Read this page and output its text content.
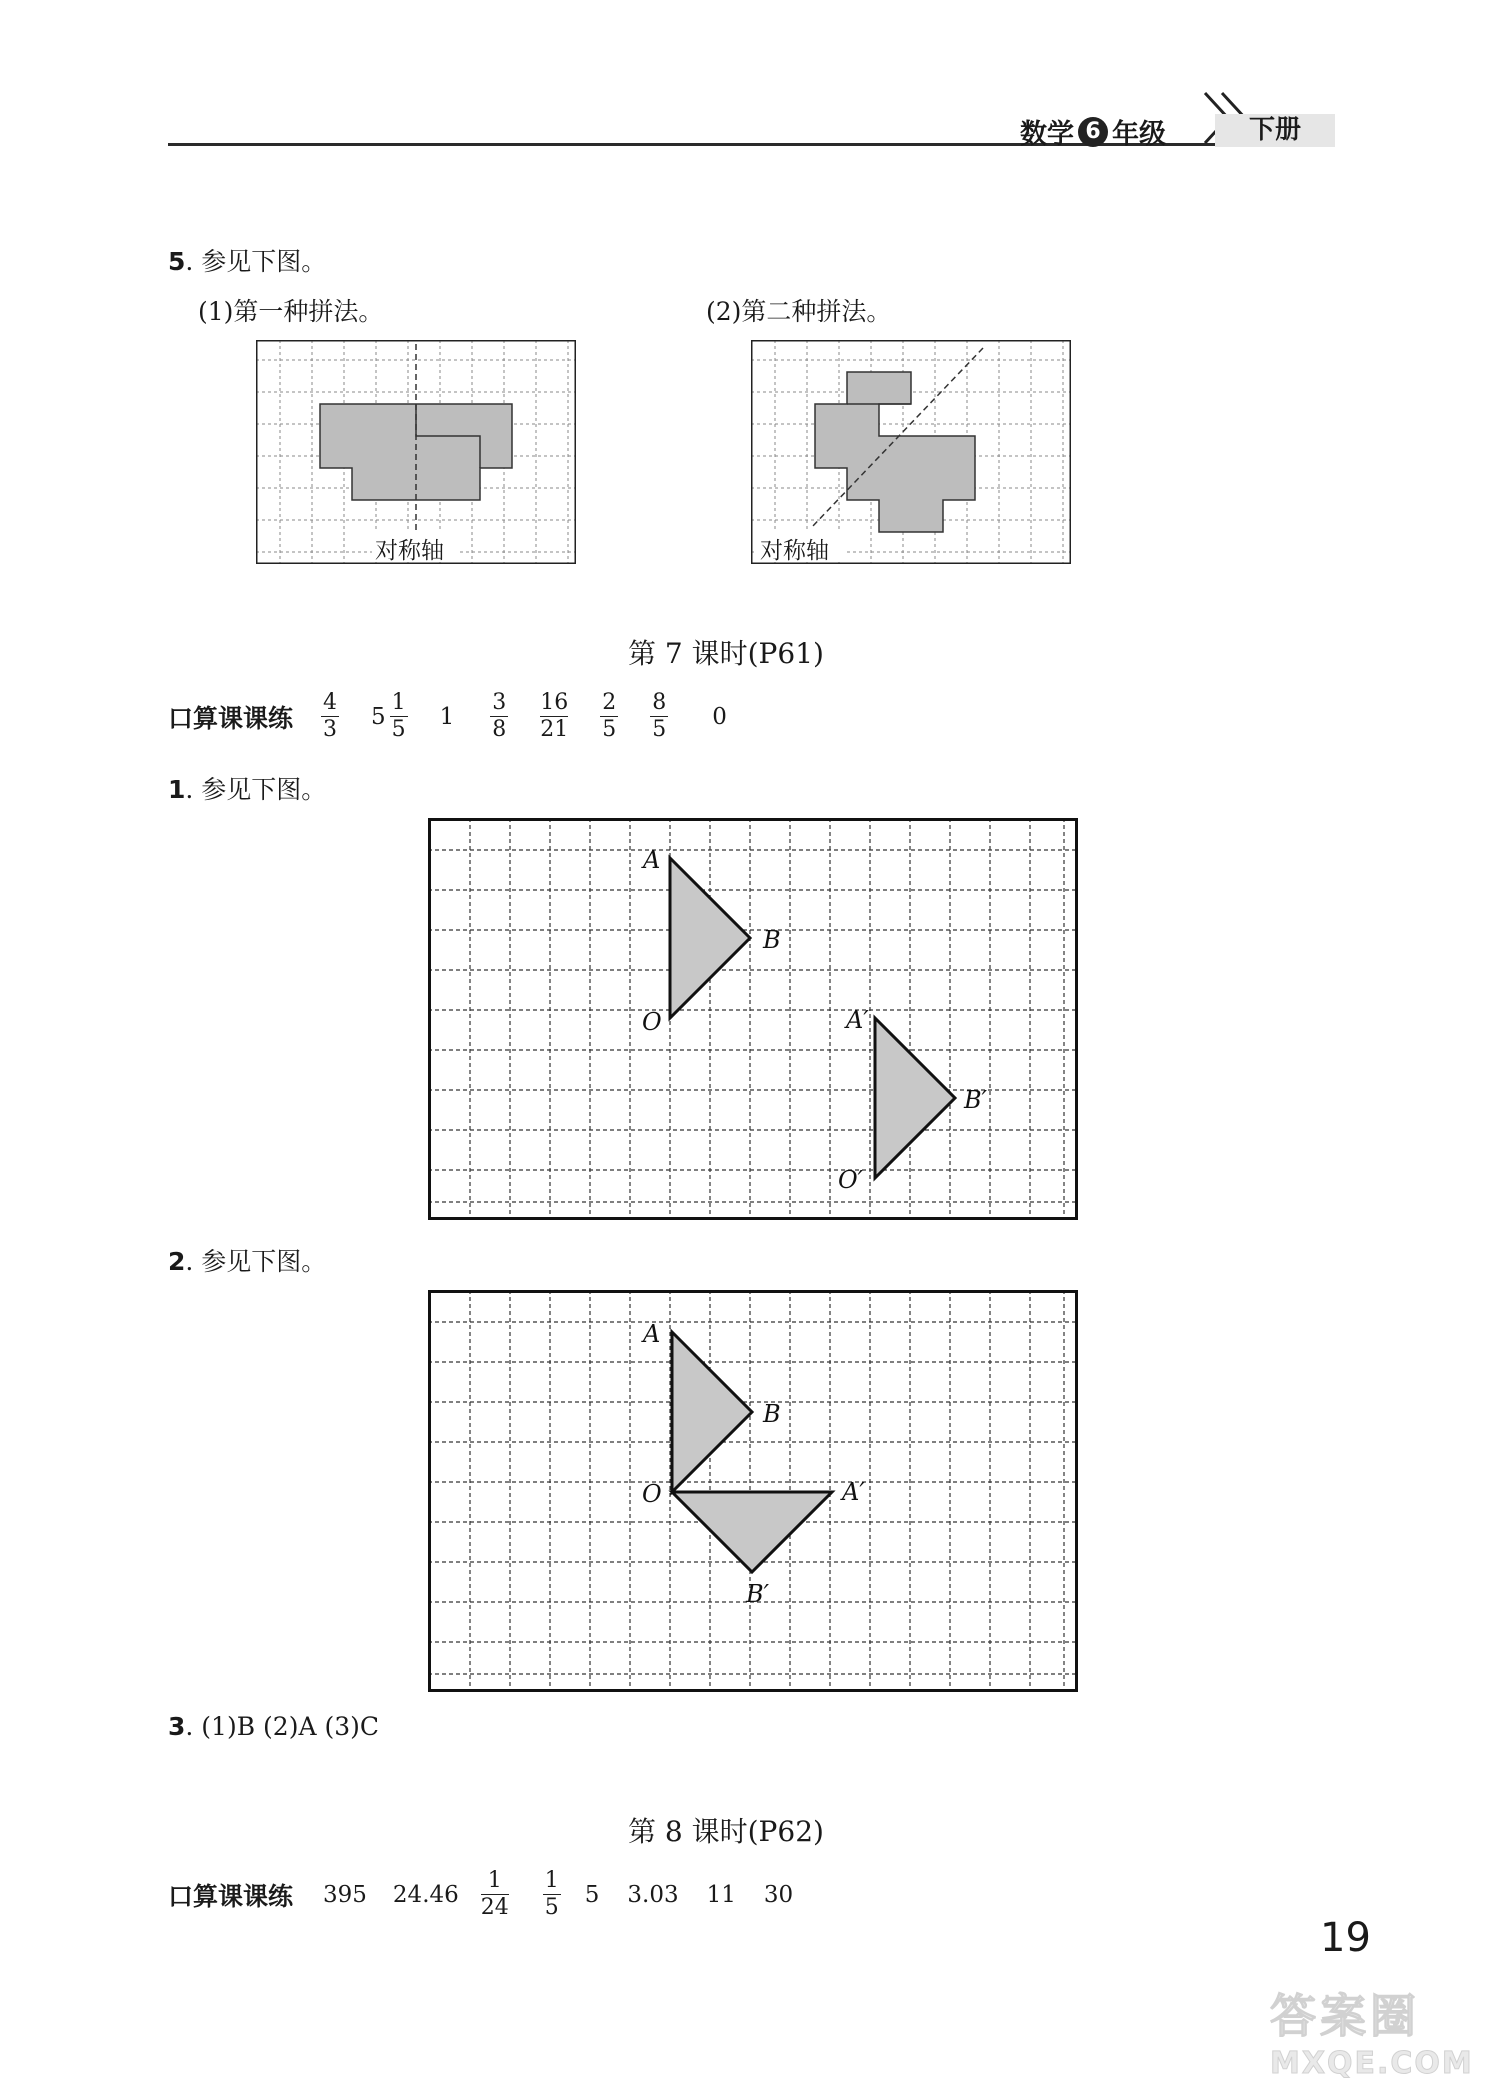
数学 6 年级	下册
5. 参见下图。
(1)第一种拼法。	(2)第二种拼法。
对称轴	对称轴
第 7 课时(P61)
口算课课练 $\frac{4}{3} 5 \frac{1}{5} 1 \frac{3}{8} \frac{16}{21} \frac{2}{5} \frac{8}{5} 0$
1. 参见下图。
A
B
O	A′
B′
O′
2. 参见下图。
A
B
O	A′
B′
3. (1)B (2)A (3)C
第 8 课时(P62)
口算课课练 395 $24.46 \frac{1}{24} \frac{1}{5} 5$ 3.03 11 30
19
答案圈
MXQE.COM
